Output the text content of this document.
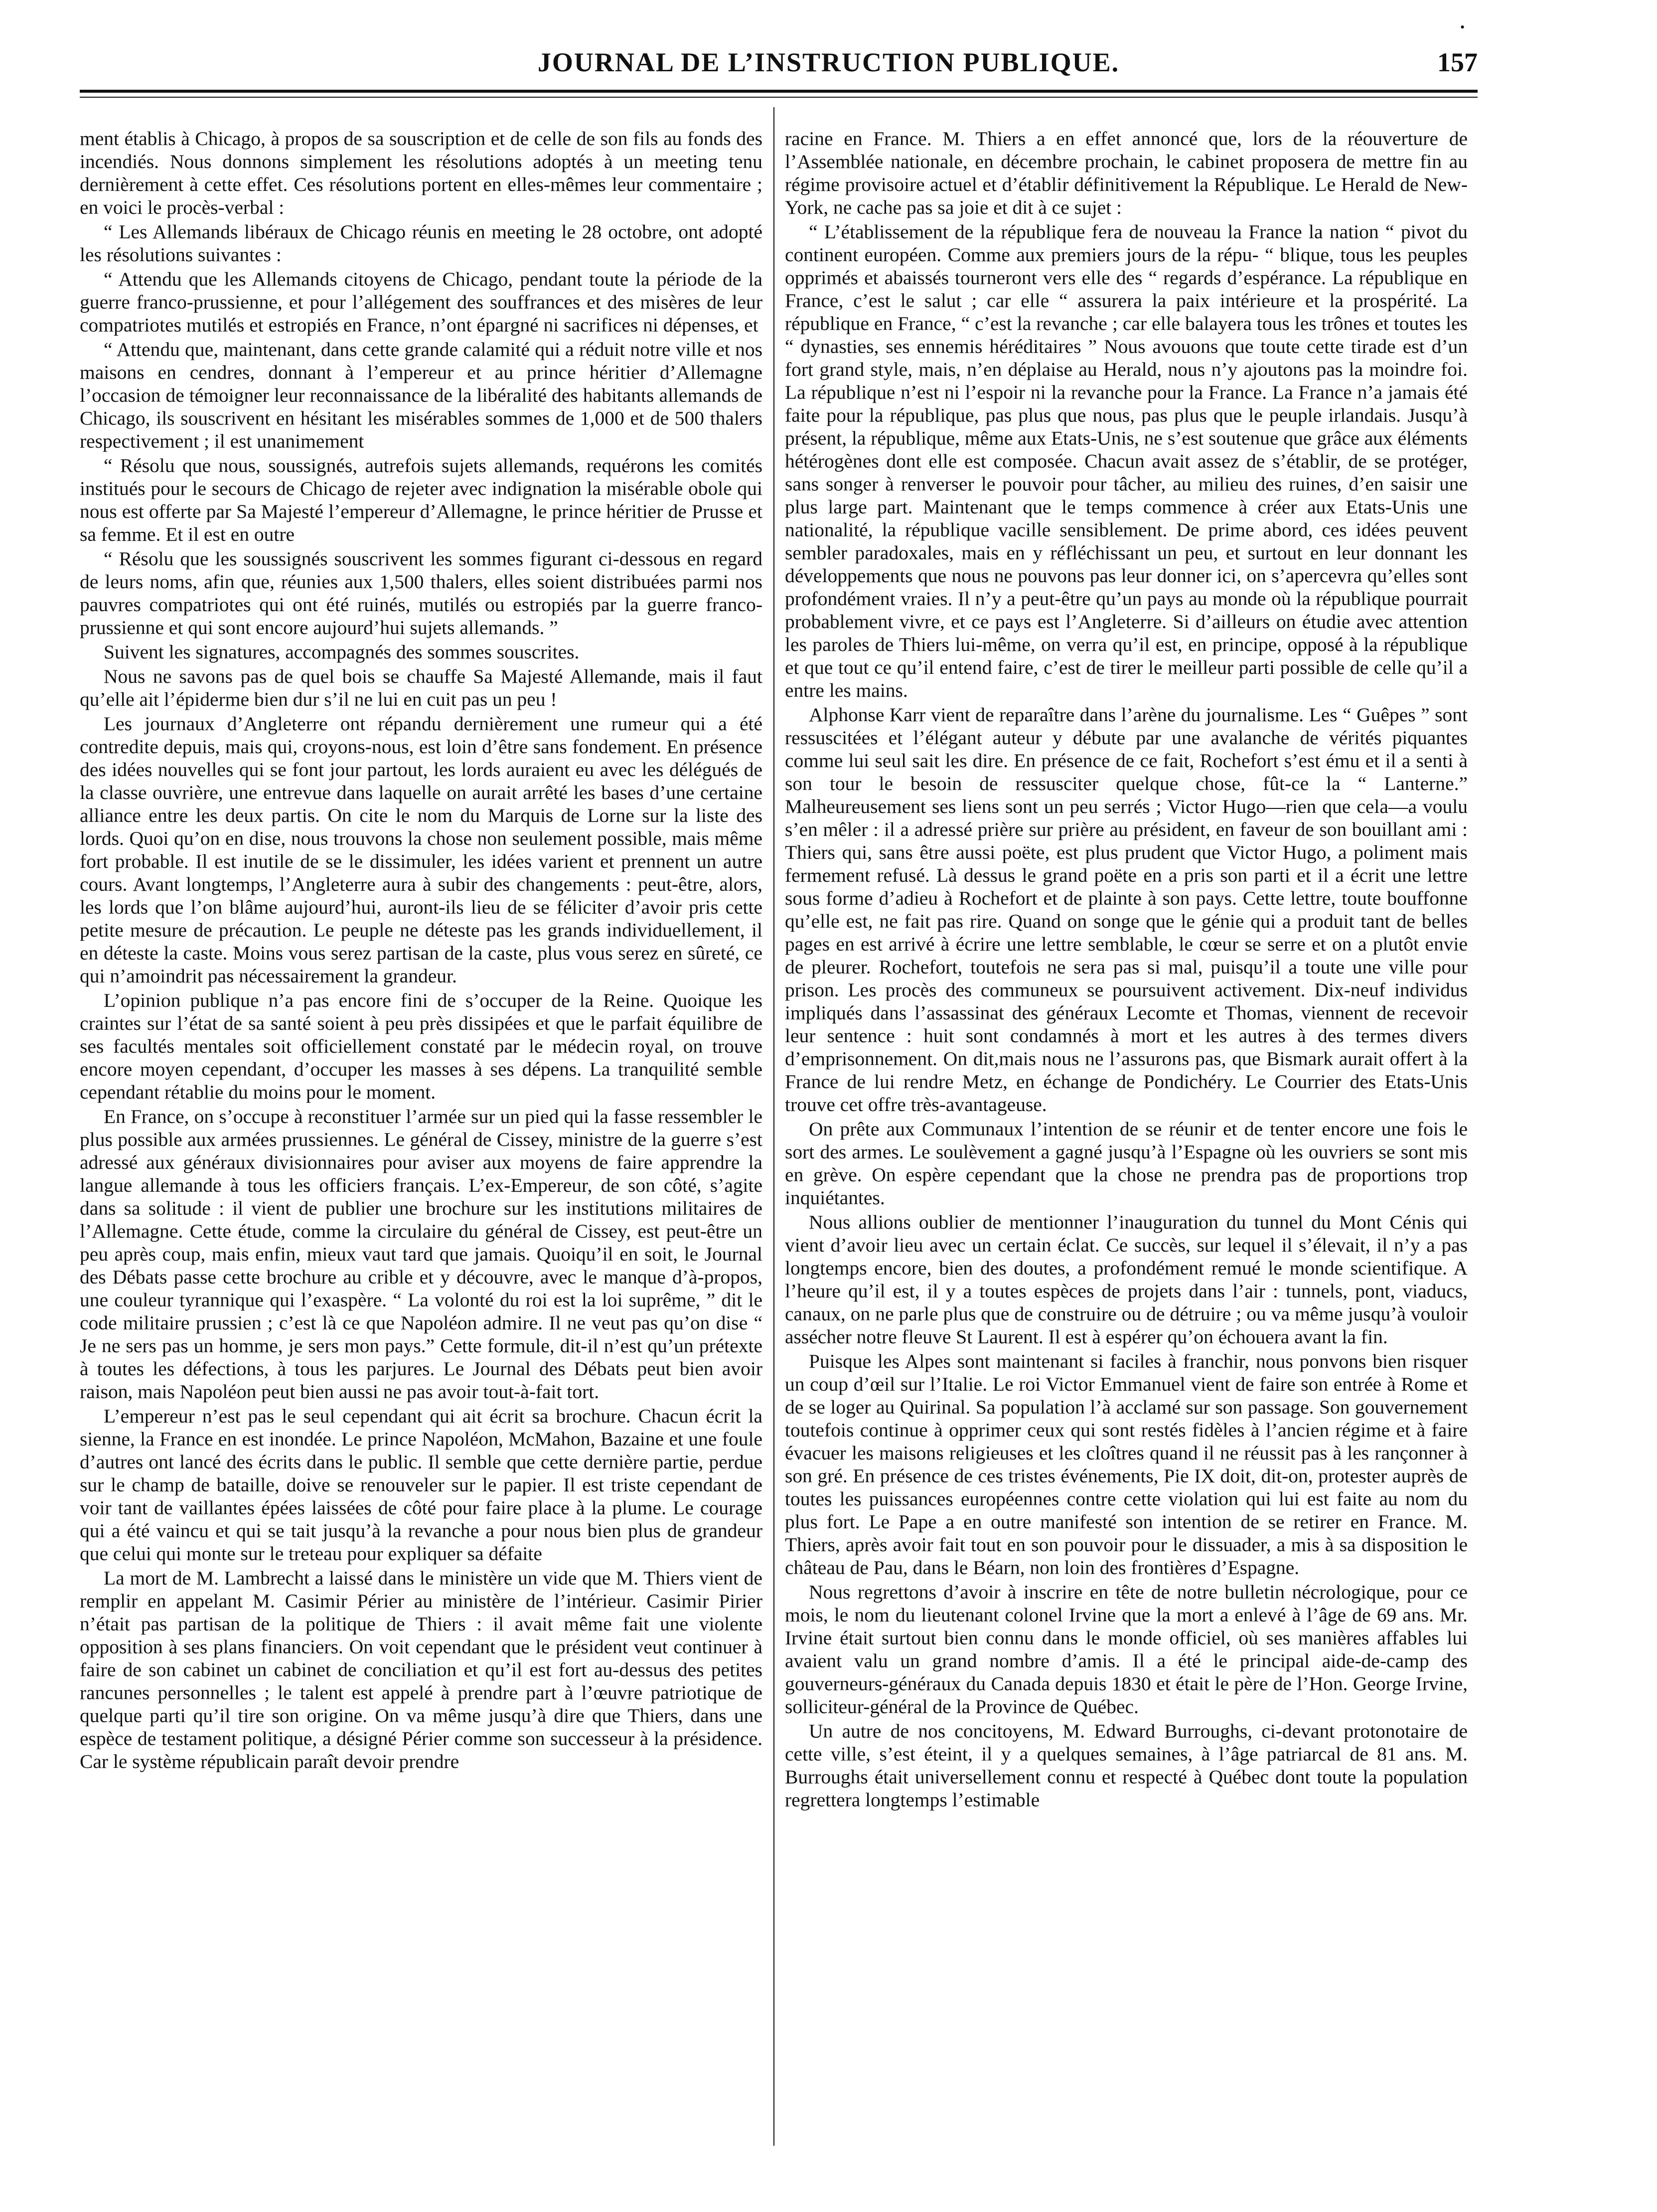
•
JOURNAL DE L’INSTRUCTION PUBLIQUE.	157

ment établis à Chicago, à propos de sa souscription et de celle de son fils au fonds des incendiés. Nous donnons simplement les résolutions adoptés à un meeting tenu dernièrement à cette effet. Ces résolutions portent en elles-mêmes leur commentaire ; en voici le procès-verbal :

“ Les Allemands libéraux de Chicago réunis en meeting le 28 octobre, ont adopté les résolutions suivantes :

“ Attendu que les Allemands citoyens de Chicago, pendant toute la période de la guerre franco-prussienne, et pour l’allégement des souffrances et des misères de leur compatriotes mutilés et estropiés en France, n’ont épargné ni sacrifices ni dépenses, et

“ Attendu que, maintenant, dans cette grande calamité qui a réduit notre ville et nos maisons en cendres, donnant à l’empereur et au prince héritier d’Allemagne l’occasion de témoigner leur reconnaissance de la libéralité des habitants allemands de Chicago, ils souscrivent en hésitant les misérables sommes de 1,000 et de 500 thalers respectivement ; il est unanimement

“ Résolu que nous, soussignés, autrefois sujets allemands, requérons les comités institués pour le secours de Chicago de rejeter avec indignation la misérable obole qui nous est offerte par Sa Majesté l’empereur d’Allemagne, le prince héritier de Prusse et sa femme. Et il est en outre

“ Résolu que les soussignés souscrivent les sommes figurant ci-dessous en regard de leurs noms, afin que, réunies aux 1,500 thalers, elles soient distribuées parmi nos pauvres compatriotes qui ont été ruinés, mutilés ou estropiés par la guerre franco-prussienne et qui sont encore aujourd’hui sujets allemands. ”

Suivent les signatures, accompagnés des sommes souscrites.

Nous ne savons pas de quel bois se chauffe Sa Majesté Allemande, mais il faut qu’elle ait l’épiderme bien dur s’il ne lui en cuit pas un peu !

Les journaux d’Angleterre ont répandu dernièrement une rumeur qui a été contredite depuis, mais qui, croyons-nous, est loin d’être sans fondement. En présence des idées nouvelles qui se font jour partout, les lords auraient eu avec les délégués de la classe ouvrière, une entrevue dans laquelle on aurait arrêté les bases d’une certaine alliance entre les deux partis. On cite le nom du Marquis de Lorne sur la liste des lords. Quoi qu’on en dise, nous trouvons la chose non seulement possible, mais même fort probable. Il est inutile de se le dissimuler, les idées varient et prennent un autre cours. Avant longtemps, l’Angleterre aura à subir des changements : peut-être, alors, les lords que l’on blâme aujourd’hui, auront-ils lieu de se féliciter d’avoir pris cette petite mesure de précaution. Le peuple ne déteste pas les grands individuellement, il en déteste la caste. Moins vous serez partisan de la caste, plus vous serez en sûreté, ce qui n’amoindrit pas nécessairement la grandeur.

L’opinion publique n’a pas encore fini de s’occuper de la Reine. Quoique les craintes sur l’état de sa santé soient à peu près dissipées et que le parfait équilibre de ses facultés mentales soit officiellement constaté par le médecin royal, on trouve encore moyen cependant, d’occuper les masses à ses dépens. La tranquilité semble cependant rétablie du moins pour le moment.

En France, on s’occupe à reconstituer l’armée sur un pied qui la fasse ressembler le plus possible aux armées prussiennes. Le général de Cissey, ministre de la guerre s’est adressé aux généraux divisionnaires pour aviser aux moyens de faire apprendre la langue allemande à tous les officiers français. L’ex-Empereur, de son côté, s’agite dans sa solitude : il vient de publier une brochure sur les institutions militaires de l’Allemagne. Cette étude, comme la circulaire du général de Cissey, est peut-être un peu après coup, mais enfin, mieux vaut tard que jamais. Quoiqu’il en soit, le Journal des Débats passe cette brochure au crible et y découvre, avec le manque d’à-propos, une couleur tyrannique qui l’exaspère. “ La volonté du roi est la loi suprême, ” dit le code militaire prussien ; c’est là ce que Napoléon admire. Il ne veut pas qu’on dise “ Je ne sers pas un homme, je sers mon pays.” Cette formule, dit-il n’est qu’un prétexte à toutes les défections, à tous les parjures. Le Journal des Débats peut bien avoir raison, mais Napoléon peut bien aussi ne pas avoir tout-à-fait tort.

L’empereur n’est pas le seul cependant qui ait écrit sa brochure. Chacun écrit la sienne, la France en est inondée. Le prince Napoléon, McMahon, Bazaine et une foule d’autres ont lancé des écrits dans le public. Il semble que cette dernière partie, perdue sur le champ de bataille, doive se renouveler sur le papier. Il est triste cependant de voir tant de vaillantes épées laissées de côté pour faire place à la plume. Le courage qui a été vaincu et qui se tait jusqu’à la revanche a pour nous bien plus de grandeur que celui qui monte sur le treteau pour expliquer sa défaite

La mort de M. Lambrecht a laissé dans le ministère un vide que M. Thiers vient de remplir en appelant M. Casimir Périer au ministère de l’intérieur. Casimir Pirier n’était pas partisan de la politique de Thiers : il avait même fait une violente opposition à ses plans financiers. On voit cependant que le président veut continuer à faire de son cabinet un cabinet de conciliation et qu’il est fort au-dessus des petites rancunes personnelles ; le talent est appelé à prendre part à l’œuvre patriotique de quelque parti qu’il tire son origine. On va même jusqu’à dire que Thiers, dans une espèce de testament politique, a désigné Périer comme son successeur à la présidence. Car le système républicain paraît devoir prendre

racine en France. M. Thiers a en effet annoncé que, lors de la réouverture de l’Assemblée nationale, en décembre prochain, le cabinet proposera de mettre fin au régime provisoire actuel et d’établir définitivement la République. Le Herald de New-York, ne cache pas sa joie et dit à ce sujet :

“ L’établissement de la république fera de nouveau la France la nation “ pivot du continent européen. Comme aux premiers jours de la répu- “ blique, tous les peuples opprimés et abaissés tourneront vers elle des “ regards d’espérance. La république en France, c’est le salut ; car elle “ assurera la paix intérieure et la prospérité. La république en France, “ c’est la revanche ; car elle balayera tous les trônes et toutes les “ dynasties, ses ennemis héréditaires ” Nous avouons que toute cette tirade est d’un fort grand style, mais, n’en déplaise au Herald, nous n’y ajoutons pas la moindre foi. La république n’est ni l’espoir ni la revanche pour la France. La France n’a jamais été faite pour la république, pas plus que nous, pas plus que le peuple irlandais. Jusqu’à présent, la république, même aux Etats-Unis, ne s’est soutenue que grâce aux éléments hétérogènes dont elle est composée. Chacun avait assez de s’établir, de se protéger, sans songer à renverser le pouvoir pour tâcher, au milieu des ruines, d’en saisir une plus large part. Maintenant que le temps commence à créer aux Etats-Unis une nationalité, la république vacille sensiblement. De prime abord, ces idées peuvent sembler paradoxales, mais en y réfléchissant un peu, et surtout en leur donnant les développements que nous ne pouvons pas leur donner ici, on s’apercevra qu’elles sont profondément vraies. Il n’y a peut-être qu’un pays au monde où la république pourrait probablement vivre, et ce pays est l’Angleterre. Si d’ailleurs on étudie avec attention les paroles de Thiers lui-même, on verra qu’il est, en principe, opposé à la république et que tout ce qu’il entend faire, c’est de tirer le meilleur parti possible de celle qu’il a entre les mains.

Alphonse Karr vient de reparaître dans l’arène du journalisme. Les “ Guêpes ” sont ressuscitées et l’élégant auteur y débute par une avalanche de vérités piquantes comme lui seul sait les dire. En présence de ce fait, Rochefort s’est ému et il a senti à son tour le besoin de ressusciter quelque chose, fût-ce la “ Lanterne.” Malheureusement ses liens sont un peu serrés ; Victor Hugo—rien que cela—a voulu s’en mêler : il a adressé prière sur prière au président, en faveur de son bouillant ami : Thiers qui, sans être aussi poëte, est plus prudent que Victor Hugo, a poliment mais fermement refusé. Là dessus le grand poëte en a pris son parti et il a écrit une lettre sous forme d’adieu à Rochefort et de plainte à son pays. Cette lettre, toute bouffonne qu’elle est, ne fait pas rire. Quand on songe que le génie qui a produit tant de belles pages en est arrivé à écrire une lettre semblable, le cœur se serre et on a plutôt envie de pleurer. Rochefort, toutefois ne sera pas si mal, puisqu’il a toute une ville pour prison. Les procès des communeux se poursuivent activement. Dix-neuf individus impliqués dans l’assassinat des généraux Lecomte et Thomas, viennent de recevoir leur sentence : huit sont condamnés à mort et les autres à des termes divers d’emprisonnement. On dit,mais nous ne l’assurons pas, que Bismark aurait offert à la France de lui rendre Metz, en échange de Pondichéry. Le Courrier des Etats-Unis trouve cet offre très-avantageuse.

On prête aux Communaux l’intention de se réunir et de tenter encore une fois le sort des armes. Le soulèvement a gagné jusqu’à l’Espagne où les ouvriers se sont mis en grève. On espère cependant que la chose ne prendra pas de proportions trop inquiétantes.

Nous allions oublier de mentionner l’inauguration du tunnel du Mont Cénis qui vient d’avoir lieu avec un certain éclat. Ce succès, sur lequel il s’élevait, il n’y a pas longtemps encore, bien des doutes, a profondément remué le monde scientifique. A l’heure qu’il est, il y a toutes espèces de projets dans l’air : tunnels, pont, viaducs, canaux, on ne parle plus que de construire ou de détruire ; ou va même jusqu’à vouloir assécher notre fleuve St Laurent. Il est à espérer qu’on échouera avant la fin.

Puisque les Alpes sont maintenant si faciles à franchir, nous ponvons bien risquer un coup d’œil sur l’Italie. Le roi Victor Emmanuel vient de faire son entrée à Rome et de se loger au Quirinal. Sa population l’à acclamé sur son passage. Son gouvernement toutefois continue à opprimer ceux qui sont restés fidèles à l’ancien régime et à faire évacuer les maisons religieuses et les cloîtres quand il ne réussit pas à les rançonner à son gré. En présence de ces tristes événements, Pie IX doit, dit-on, protester auprès de toutes les puissances européennes contre cette violation qui lui est faite au nom du plus fort. Le Pape a en outre manifesté son intention de se retirer en France. M. Thiers, après avoir fait tout en son pouvoir pour le dissuader, a mis à sa disposition le château de Pau, dans le Béarn, non loin des frontières d’Espagne.

Nous regrettons d’avoir à inscrire en tête de notre bulletin nécrologique, pour ce mois, le nom du lieutenant colonel Irvine que la mort a enlevé à l’âge de 69 ans. Mr. Irvine était surtout bien connu dans le monde officiel, où ses manières affables lui avaient valu un grand nombre d’amis. Il a été le principal aide-de-camp des gouverneurs-généraux du Canada depuis 1830 et était le père de l’Hon. George Irvine, solliciteur-général de la Province de Québec.

Un autre de nos concitoyens, M. Edward Burroughs, ci-devant protonotaire de cette ville, s’est éteint, il y a quelques semaines, à l’âge patriarcal de 81 ans. M. Burroughs était universellement connu et respecté à Québec dont toute la population regrettera longtemps l’estimable
